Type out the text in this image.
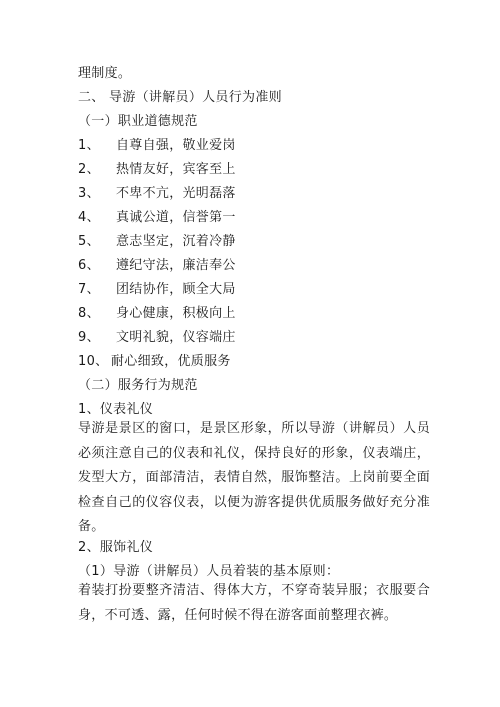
理制度。
二、 导游（讲解员）人员行为准则
（一）职业道德规范
1、 自尊自强，敬业爱岗
2、 热情友好，宾客至上
3、 不卑不亢，光明磊落
4、 真诚公道，信誉第一
5、 意志坚定，沉着冷静
6、 遵纪守法，廉洁奉公
7、 团结协作，顾全大局
8、 身心健康，积极向上
9、 文明礼貌，仪容端庄
10、 耐心细致，优质服务
（二）服务行为规范
1、仪表礼仪
导游是景区的窗口，是景区形象，所以导游（讲解员）人员必须注意自己的仪表和礼仪，保持良好的形象，仪表端庄，发型大方，面部清洁，表情自然，服饰整洁。上岗前要全面检查自己的仪容仪表，以便为游客提供优质服务做好充分准备。
2、服饰礼仪
（1）导游（讲解员）人员着装的基本原则：
着装打扮要整齐清洁、得体大方，不穿奇装异服；衣服要合身，不可透、露，任何时候不得在游客面前整理衣裤。
